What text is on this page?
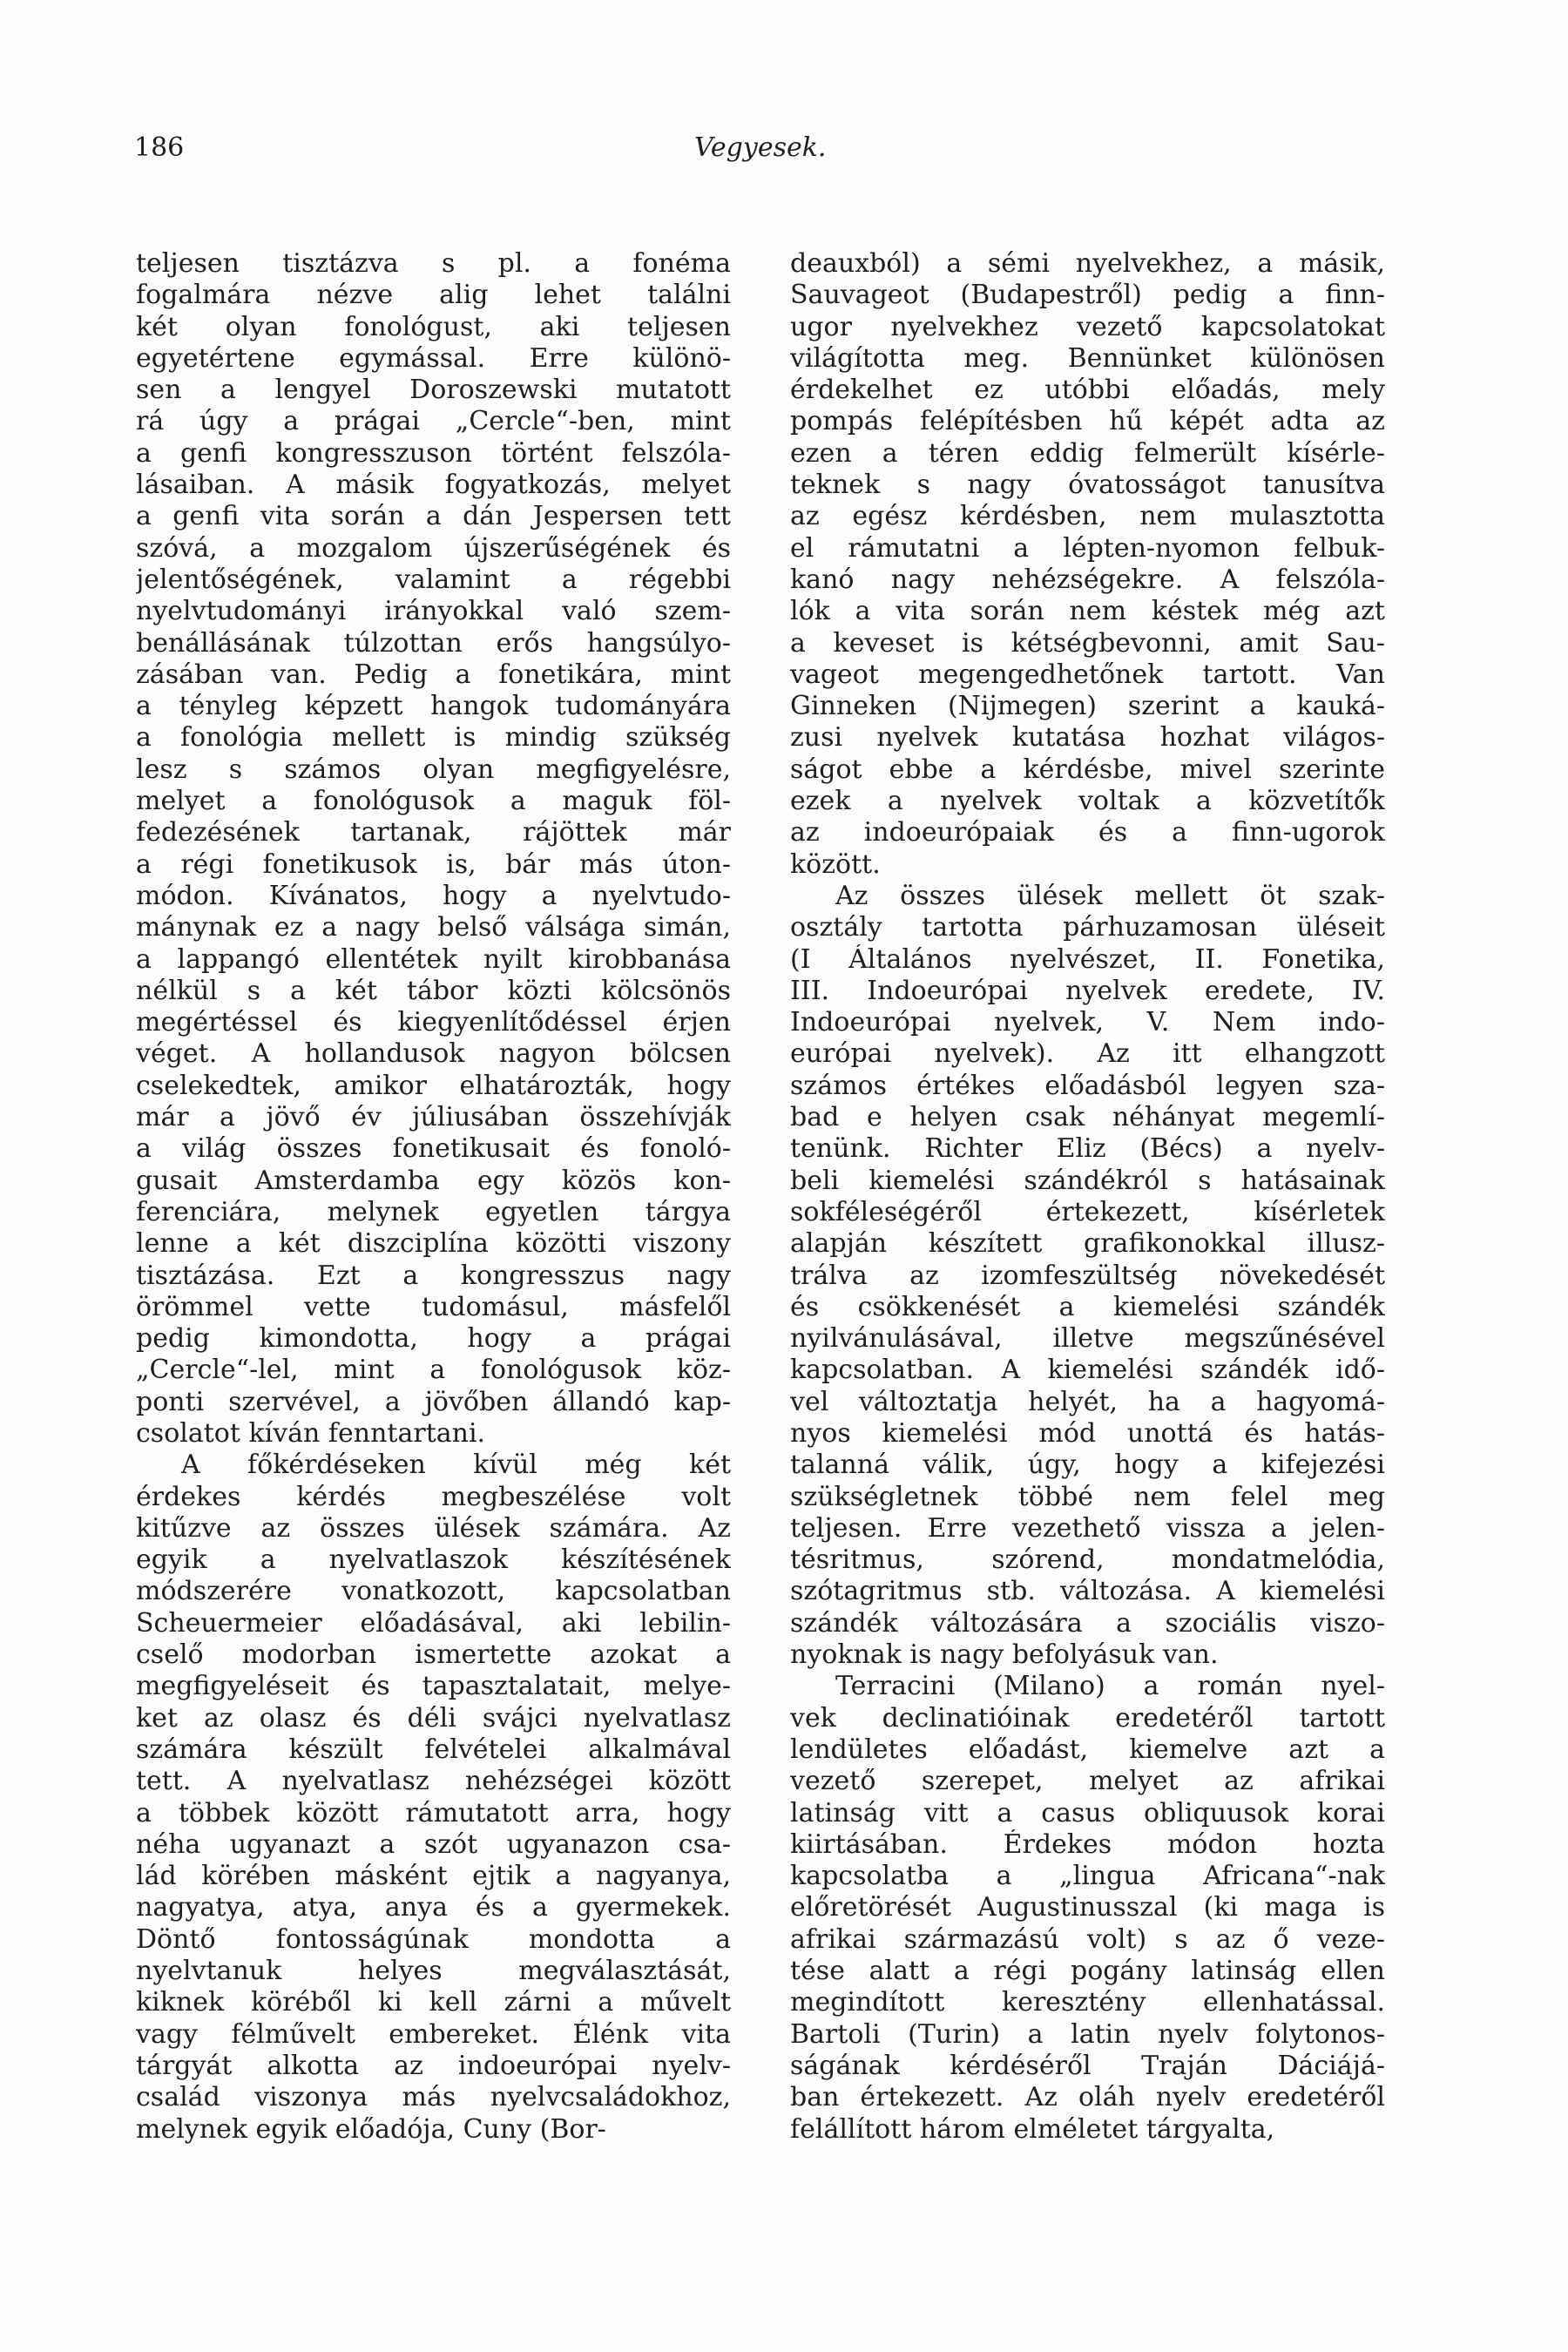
186	Vegyesek.
teljesen tisztázva s pl. a fonéma
fogalmára nézve alig lehet találni
két olyan fonológust, aki teljesen
egyetértene egymással. Erre különö-
sen a lengyel Doroszewski mutatott
rá úgy a prágai „Cercle“-ben, mint
a genfi kongresszuson történt felszóla-
lásaiban. A másik fogyatkozás, melyet
a genfi vita során a dán Jespersen tett
szóvá, a mozgalom újszerűségének és
jelentőségének, valamint a régebbi
nyelvtudományi irányokkal való szem-
benállásának túlzottan erős hangsúlyo-
zásában van. Pedig a fonetikára, mint
a tényleg képzett hangok tudományára
a fonológia mellett is mindig szükség
lesz s számos olyan megfigyelésre,
melyet a fonológusok a maguk föl-
fedezésének tartanak, rájöttek már
a régi fonetikusok is, bár más úton-
módon. Kívánatos, hogy a nyelvtudo-
mánynak ez a nagy belső válsága simán,
a lappangó ellentétek nyilt kirobbanása
nélkül s a két tábor közti kölcsönös
megértéssel és kiegyenlítődéssel érjen
véget. A hollandusok nagyon bölcsen
cselekedtek, amikor elhatározták, hogy
már a jövő év júliusában összehívják
a világ összes fonetikusait és fonoló-
gusait Amsterdamba egy közös kon-
ferenciára, melynek egyetlen tárgya
lenne a két diszciplína közötti viszony
tisztázása. Ezt a kongresszus nagy
örömmel vette tudomásul, másfelől
pedig kimondotta, hogy a prágai
„Cercle“-lel, mint a fonológusok köz-
ponti szervével, a jövőben állandó kap-
csolatot kíván fenntartani.
A főkérdéseken kívül még két
érdekes kérdés megbeszélése volt
kitűzve az összes ülések számára. Az
egyik a nyelvatlaszok készítésének
módszerére vonatkozott, kapcsolatban
Scheuermeier előadásával, aki lebilin-
cselő modorban ismertette azokat a
megfigyeléseit és tapasztalatait, melye-
ket az olasz és déli svájci nyelvatlasz
számára készült felvételei alkalmával
tett. A nyelvatlasz nehézségei között
a többek között rámutatott arra, hogy
néha ugyanazt a szót ugyanazon csa-
lád körében másként ejtik a nagyanya,
nagyatya, atya, anya és a gyermekek.
Döntő fontosságúnak mondotta a
nyelvtanuk helyes megválasztását,
kiknek köréből ki kell zárni a művelt
vagy félművelt embereket. Élénk vita
tárgyát alkotta az indoeurópai nyelv-
család viszonya más nyelvcsaládokhoz,
melynek egyik előadója, Cuny (Bor-
deauxból) a sémi nyelvekhez, a másik,
Sauvageot (Budapestről) pedig a finn-
ugor nyelvekhez vezető kapcsolatokat
világította meg. Bennünket különösen
érdekelhet ez utóbbi előadás, mely
pompás felépítésben hű képét adta az
ezen a téren eddig felmerült kísérle-
teknek s nagy óvatosságot tanusítva
az egész kérdésben, nem mulasztotta
el rámutatni a lépten-nyomon felbuk-
kanó nagy nehézségekre. A felszóla-
lók a vita során nem késtek még azt
a keveset is kétségbevonni, amit Sau-
vageot megengedhetőnek tartott. Van
Ginneken (Nijmegen) szerint a kauká-
zusi nyelvek kutatása hozhat világos-
ságot ebbe a kérdésbe, mivel szerinte
ezek a nyelvek voltak a közvetítők
az indoeurópaiak és a finn-ugorok
között.
Az összes ülések mellett öt szak-
osztály tartotta párhuzamosan üléseit
(I Általános nyelvészet, II. Fonetika,
III. Indoeurópai nyelvek eredete, IV.
Indoeurópai nyelvek, V. Nem indo-
európai nyelvek). Az itt elhangzott
számos értékes előadásból legyen sza-
bad e helyen csak néhányat megemlí-
tenünk. Richter Eliz (Bécs) a nyelv-
beli kiemelési szándékról s hatásainak
sokféleségéről értekezett, kísérletek
alapján készített grafikonokkal illusz-
trálva az izomfeszültség növekedését
és csökkenését a kiemelési szándék
nyilvánulásával, illetve megszűnésével
kapcsolatban. A kiemelési szándék idő-
vel változtatja helyét, ha a hagyomá-
nyos kiemelési mód unottá és hatás-
talanná válik, úgy, hogy a kifejezési
szükségletnek többé nem felel meg
teljesen. Erre vezethető vissza a jelen-
tésritmus, szórend, mondatmelódia,
szótagritmus stb. változása. A kiemelési
szándék változására a szociális viszo-
nyoknak is nagy befolyásuk van.
Terracini (Milano) a román nyel-
vek declinatióinak eredetéről tartott
lendületes előadást, kiemelve azt a
vezető szerepet, melyet az afrikai
latinság vitt a casus obliquusok korai
kiirtásában. Érdekes módon hozta
kapcsolatba a „lingua Africana“-nak
előretörését Augustinusszal (ki maga is
afrikai származású volt) s az ő veze-
tése alatt a régi pogány latinság ellen
megindított keresztény ellenhatással.
Bartoli (Turin) a latin nyelv folytonos-
ságának kérdéséről Traján Dáciájá-
ban értekezett. Az oláh nyelv eredetéről
felállított három elméletet tárgyalta,
